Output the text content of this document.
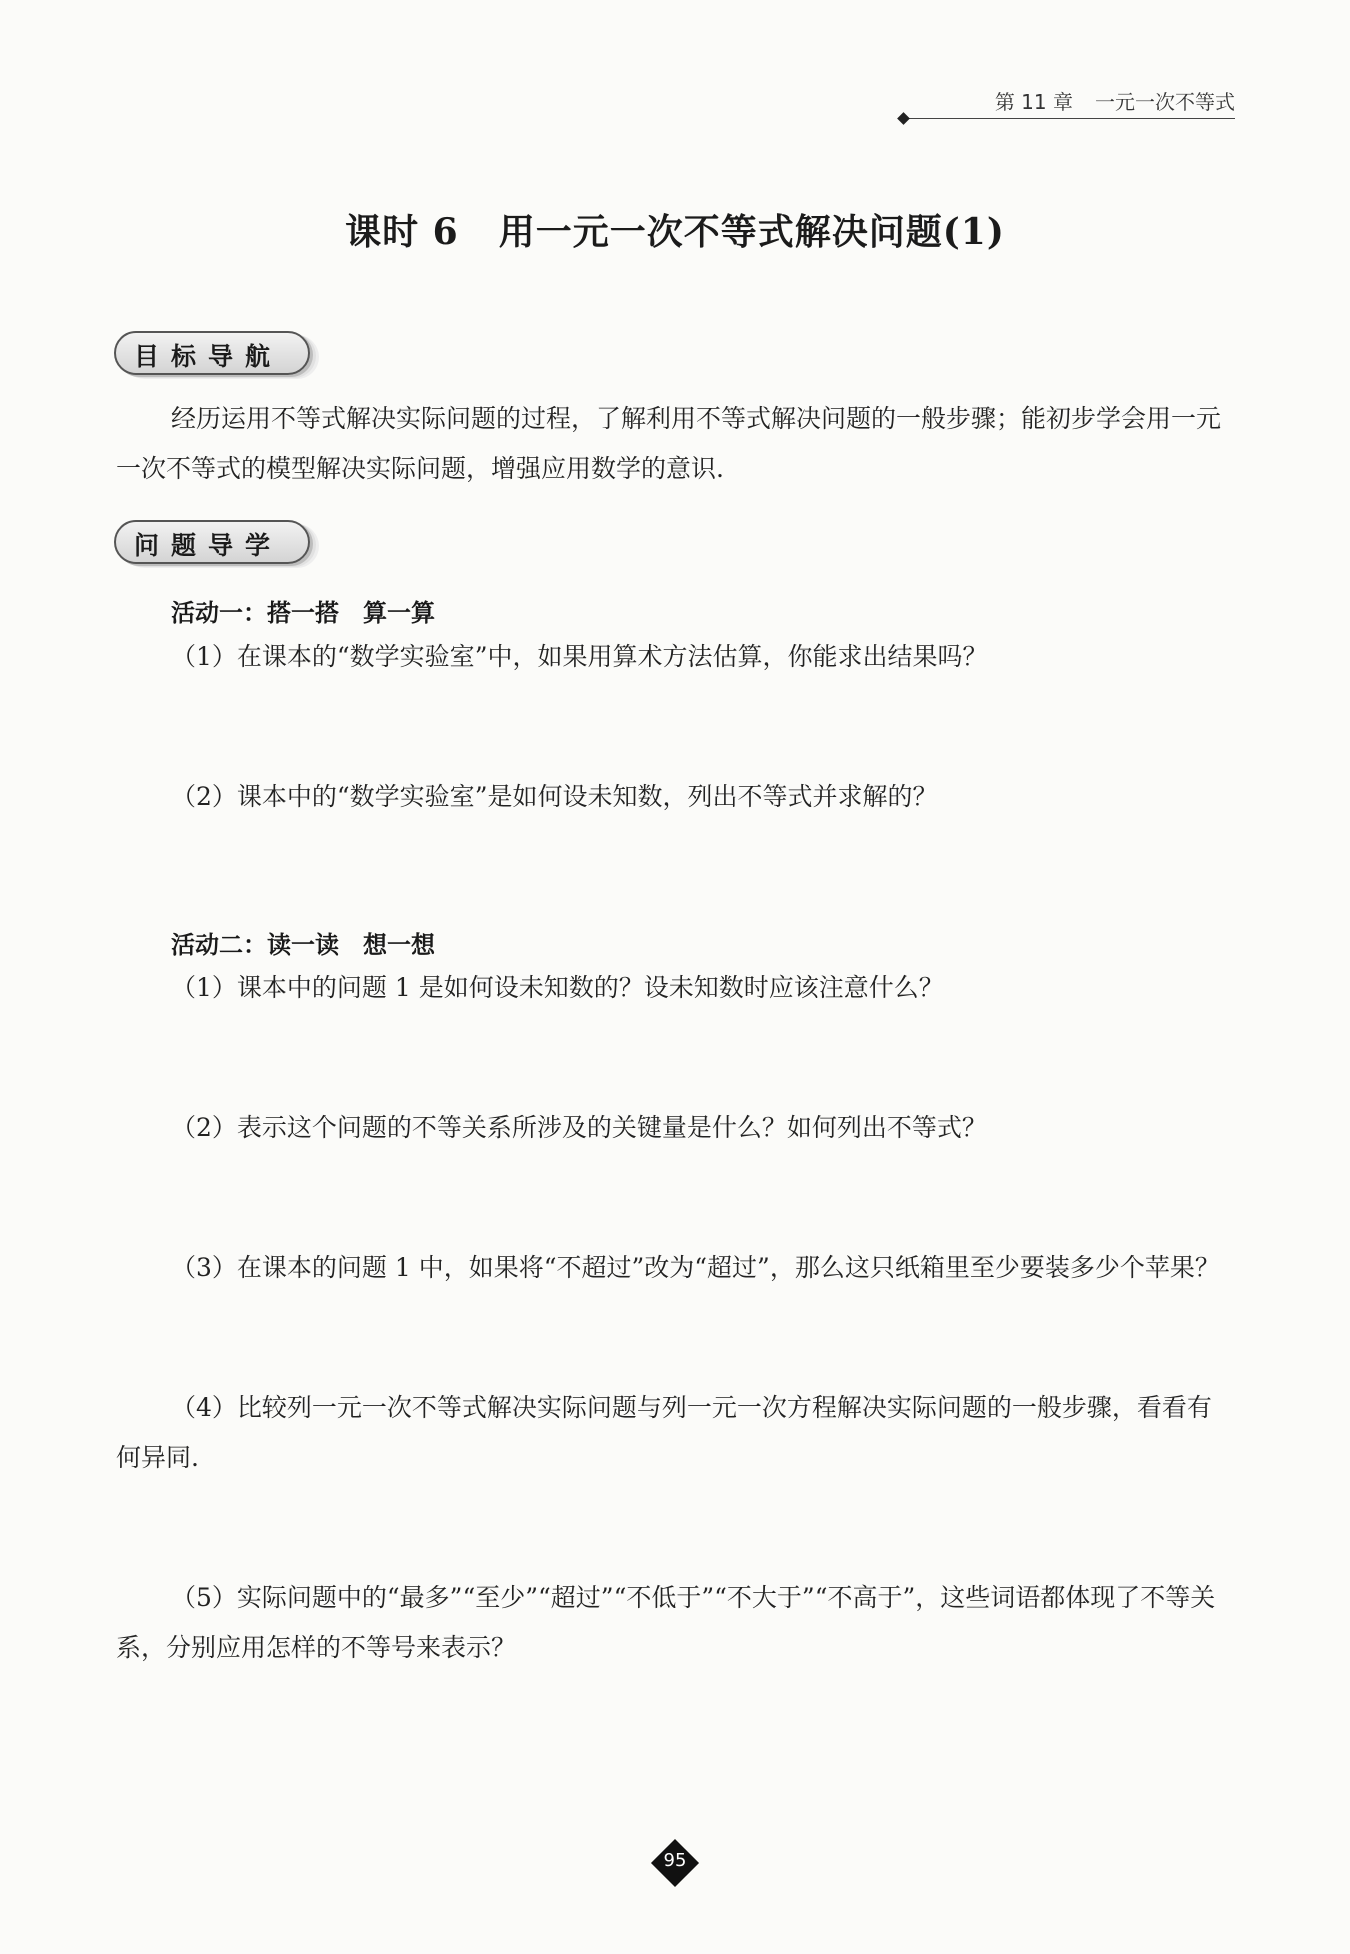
第 11 章 一元一次不等式
课时 6 用一元一次不等式解决问题(1)
目标导航
经历运用不等式解决实际问题的过程，了解利用不等式解决问题的一般步骤；能初步学会用一元一次不等式的模型解决实际问题，增强应用数学的意识.
问题导学
活动一：搭一搭　算一算
（1）在课本的“数学实验室”中，如果用算术方法估算，你能求出结果吗？
（2）课本中的“数学实验室”是如何设未知数，列出不等式并求解的？
活动二：读一读　想一想
（1）课本中的问题 1 是如何设未知数的？设未知数时应该注意什么？
（2）表示这个问题的不等关系所涉及的关键量是什么？如何列出不等式？
（3）在课本的问题 1 中，如果将“不超过”改为“超过”，那么这只纸箱里至少要装多少个苹果？
（4）比较列一元一次不等式解决实际问题与列一元一次方程解决实际问题的一般步骤，看看有何异同.
（5）实际问题中的“最多”“至少”“超过”“不低于”“不大于”“不高于”，这些词语都体现了不等关系，分别应用怎样的不等号来表示？
95
